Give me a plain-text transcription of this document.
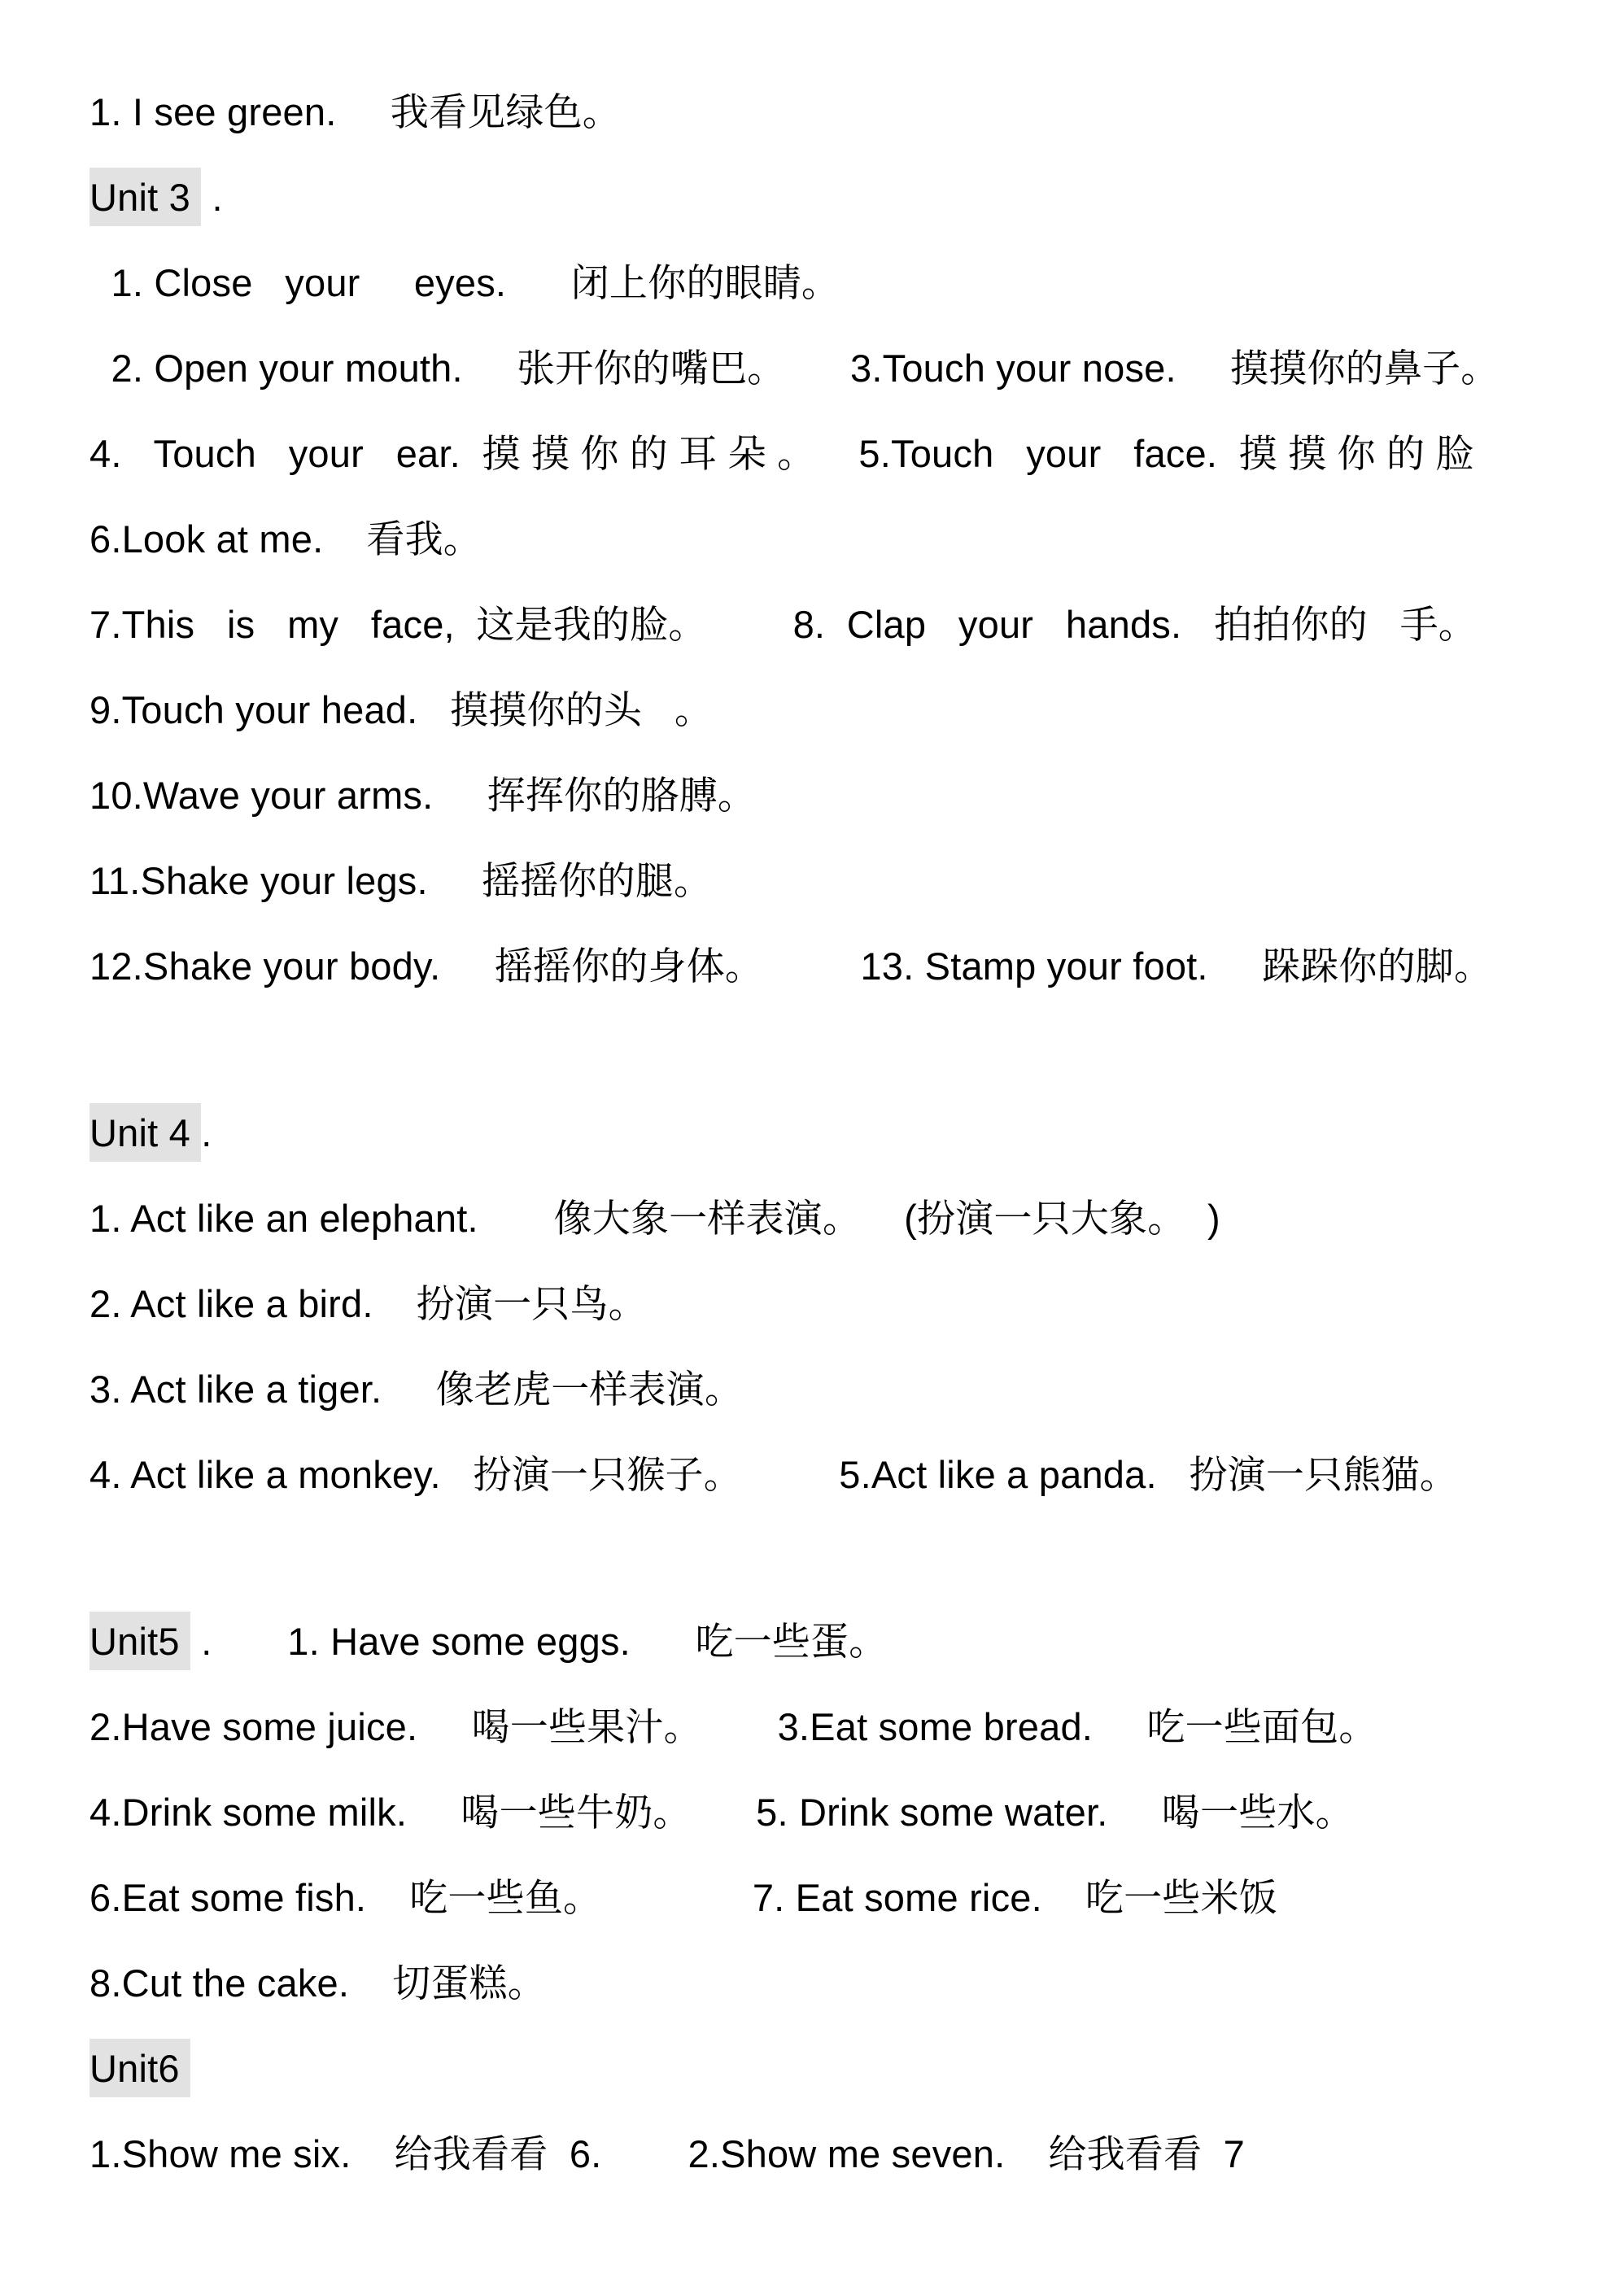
1. I see green.     我看见绿色。
Unit 3  .
1. Close   your     eyes.      闭上你的眼睛。
2. Open your mouth.     张开你的嘴巴。      3.Touch your nose.     摸摸你的鼻子。
4.   Touch   your   ear.  摸 摸 你 的 耳 朵 。    5.Touch   your   face.  摸 摸 你 的 脸
6.Look at me.    看我。
7.This   is   my   face,  这是我的脸。        8.  Clap   your   hands.   拍拍你的   手。
9.Touch your head.   摸摸你的头   。
10.Wave your arms.     挥挥你的胳膊。
11.Shake your legs.     摇摇你的腿。
12.Shake your body.     摇摇你的身体。         13. Stamp your foot.     跺跺你的脚。
Unit 4 .
1. Act like an elephant.       像大象一样表演。    (扮演一只大象。  )
2. Act like a bird.    扮演一只鸟。
3. Act like a tiger.     像老虎一样表演。
4. Act like a monkey.   扮演一只猴子。         5.Act like a panda.   扮演一只熊猫。
Unit5  .       1. Have some eggs.      吃一些蛋。
2.Have some juice.     喝一些果汁。       3.Eat some bread.     吃一些面包。
4.Drink some milk.     喝一些牛奶。      5. Drink some water.     喝一些水。
6.Eat some fish.    吃一些鱼。              7. Eat some rice.    吃一些米饭
8.Cut the cake.    切蛋糕。
Unit6
1.Show me six.    给我看看  6.        2.Show me seven.    给我看看  7
